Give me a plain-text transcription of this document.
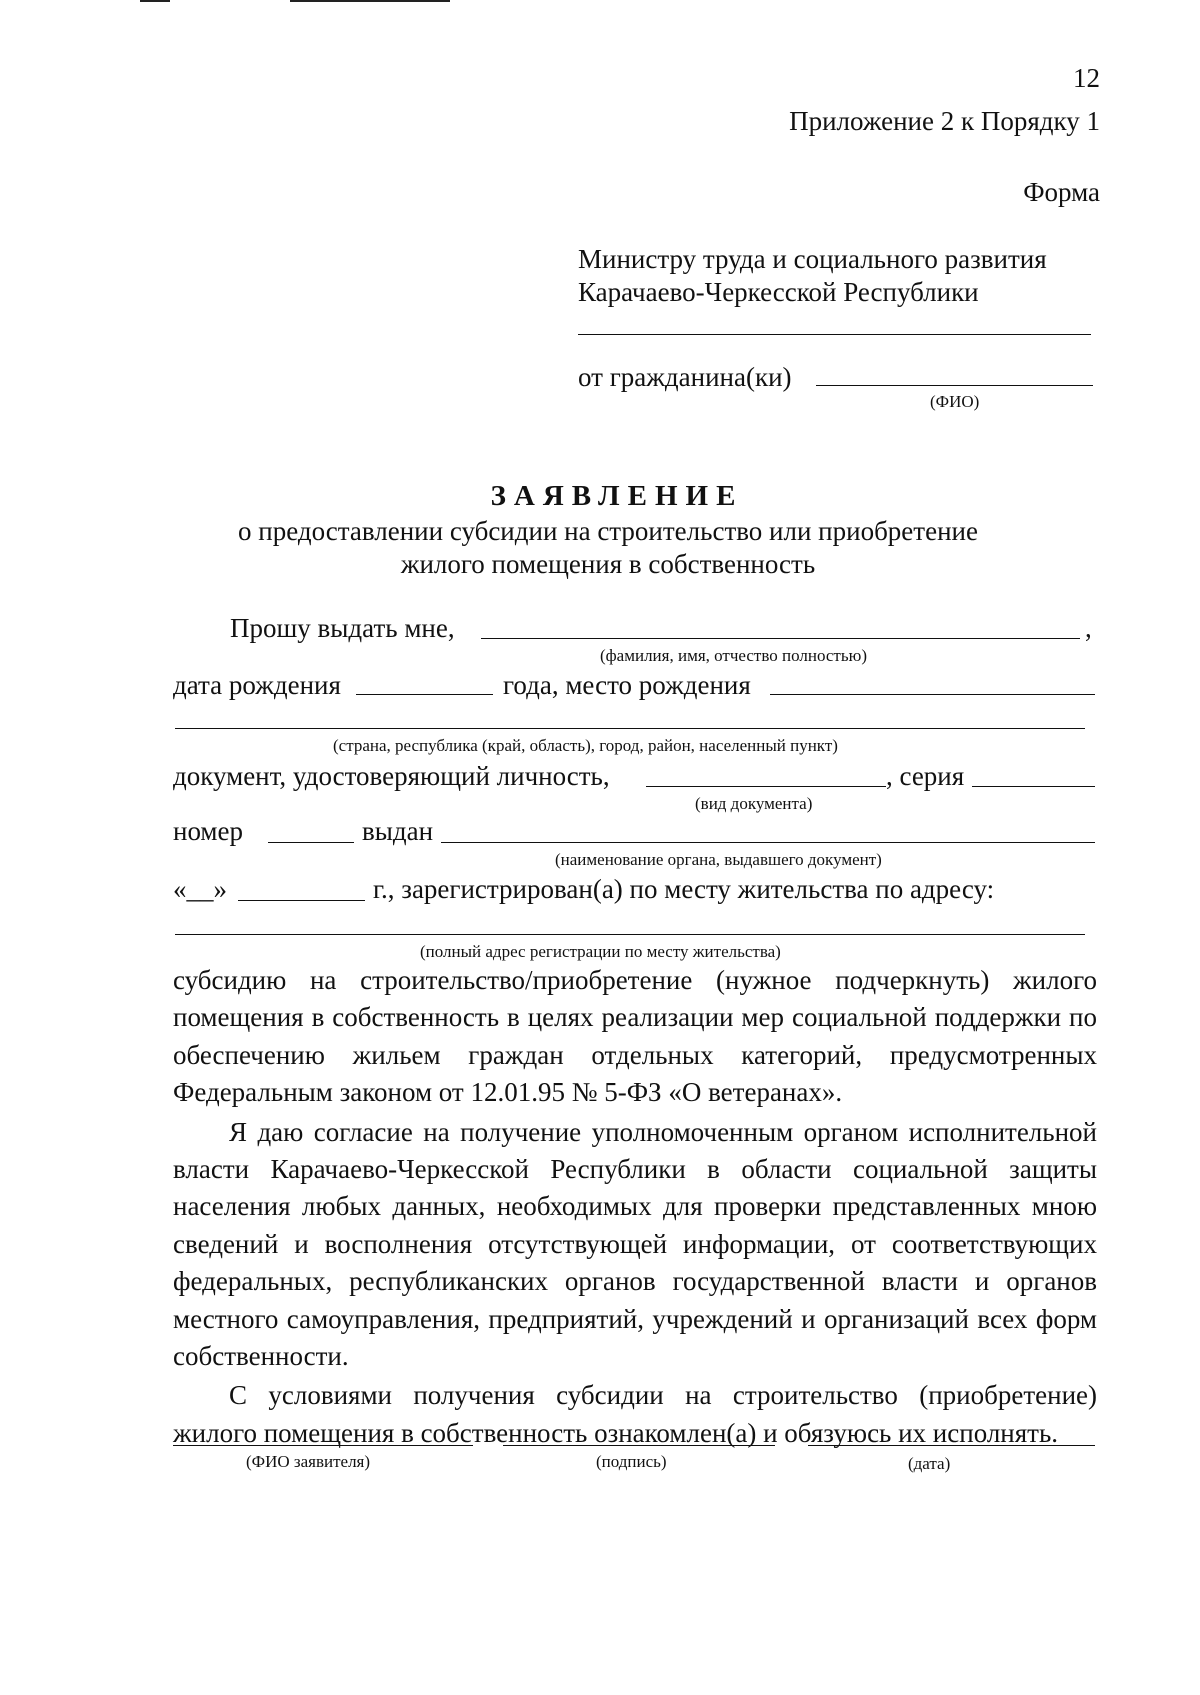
12
Приложение 2 к Порядку 1
Форма
Министру труда и социального развития
Карачаево-Черкесской Республики
от гражданина(ки)
(ФИО)
ЗАЯВЛЕНИЕ
о предоставлении субсидии на строительство или приобретение
жилого помещения в собственность
Прошу выдать мне,	,
(фамилия, имя, отчество полностью)
дата рождения	года, место рождения
(страна, республика (край, область), город, район, населенный пункт)
документ, удостоверяющий личность,	, серия
(вид документа)
номер	выдан
(наименование органа, выдавшего документ)
«__»	г., зарегистрирован(а) по месту жительства по адресу:
(полный адрес регистрации по месту жительства)

субсидию на строительство/приобретение (нужное подчеркнуть) жилого помещения в собственность в целях реализации мер социальной поддержки по обеспечению жильем граждан отдельных категорий, предусмотренных Федеральным законом от 12.01.95 № 5-ФЗ «О ветеранах».

Я даю согласие на получение уполномоченным органом исполнительной власти Карачаево-Черкесской Республики в области социальной защиты населения любых данных, необходимых для проверки представленных мною сведений и восполнения отсутствующей информации, от соответствующих федеральных, республиканских органов государственной власти и органов местного самоуправления, предприятий, учреждений и организаций всех форм собственности.

С условиями получения субсидии на строительство (приобретение) жилого помещения в собственность ознакомлен(а) и обязуюсь их исполнять.

(ФИО заявителя)	(подпись)	(дата)
